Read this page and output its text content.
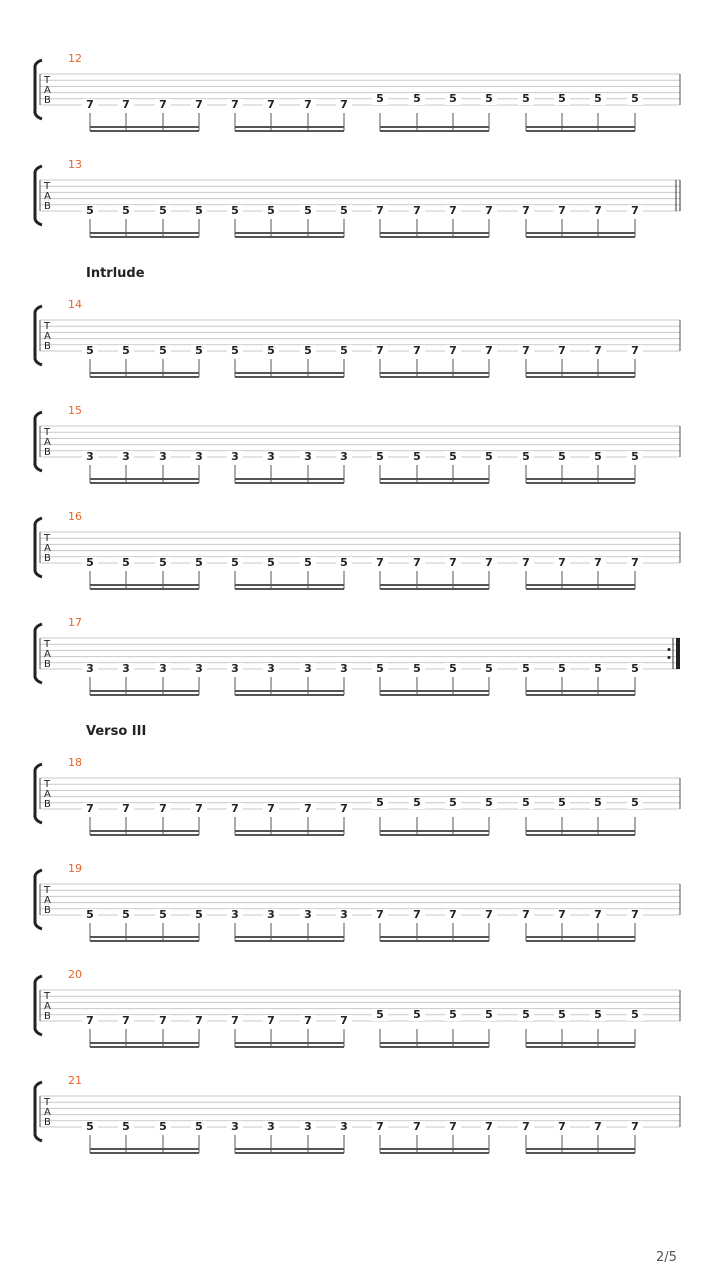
Intrlude
Verso III
12
T
A
B	7	7	7	7	7	7	7	7	5	5	5	5	5	5	5	5
13
T
A
B	5	5	5	5	5	5	5	5	7	7	7	7	7	7	7	7
14
T
A
B	5	5	5	5	5	5	5	5	7	7	7	7	7	7	7	7
15
T
A
B	3	3	3	3	3	3	3	3	5	5	5	5	5	5	5	5
16
T
A
B	5	5	5	5	5	5	5	5	7	7	7	7	7	7	7	7
17
T
A
B	3	3	3	3	3	3	3	3	5	5	5	5	5	5	5	5
18
T
A
B	7	7	7	7	7	7	7	7	5	5	5	5	5	5	5	5
19
T
A
B	5	5	5	5	3	3	3	3	7	7	7	7	7	7	7	7
20
T
A
B	7	7	7	7	7	7	7	7	5	5	5	5	5	5	5	5
21
T
A
B	5	5	5	5	3	3	3	3	7	7	7	7	7	7	7	7
2/5
